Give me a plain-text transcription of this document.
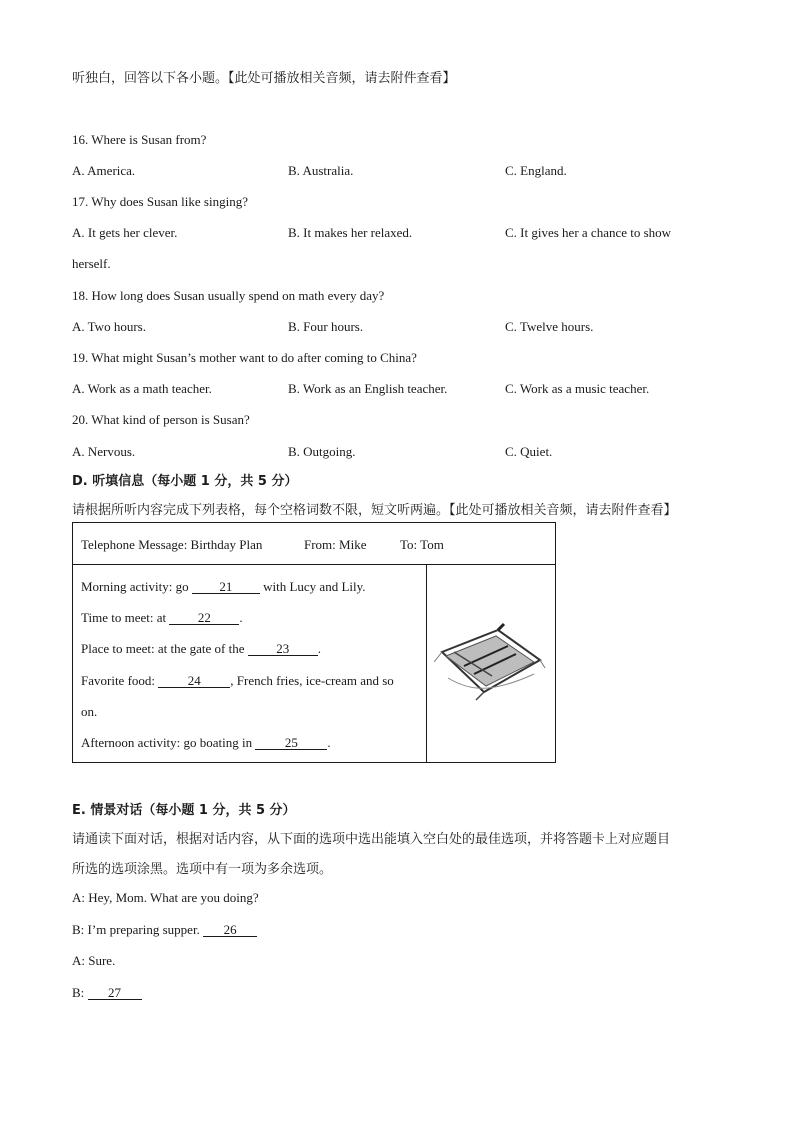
听独白，回答以下各小题。【此处可播放相关音频，请去附件查看】
16. Where is Susan from?
A. America.	B. Australia.	C. England.
17. Why does Susan like singing?
A. It gets her clever.	B. It makes her relaxed.	C. It gives her a chance to show
herself.
18. How long does Susan usually spend on math every day?
A. Two hours.	B. Four hours.	C. Twelve hours.
19. What might Susan’s mother want to do after coming to China?
A. Work as a math teacher.	B. Work as an English teacher.	C. Work as a music teacher.
20. What kind of person is Susan?
A. Nervous.	B. Outgoing.	C. Quiet.
D. 听填信息（每小题 1 分，共 5 分）
请根据所听内容完成下列表格，每个空格词数不限，短文听两遍。【此处可播放相关音频，请去附件查看】

Telephone Message: Birthday Plan	From: Mike	To: Tom
Morning activity: go 21 with Lucy and Lily.
Time to meet: at 22 .
Place to meet: at the gate of the 23 .
Favorite food: 24 , French fries, ice-cream and so
on.
Afternoon activity: go boating in 25 .
E. 情景对话（每小题 1 分，共 5 分）
请通读下面对话，根据对话内容，从下面的选项中选出能填入空白处的最佳选项，并将答题卡上对应题目
所选的选项涂黑。选项中有一项为多余选项。
A: Hey, Mom. What are you doing?
B: I’m preparing supper. 26
A: Sure.
B: 27
